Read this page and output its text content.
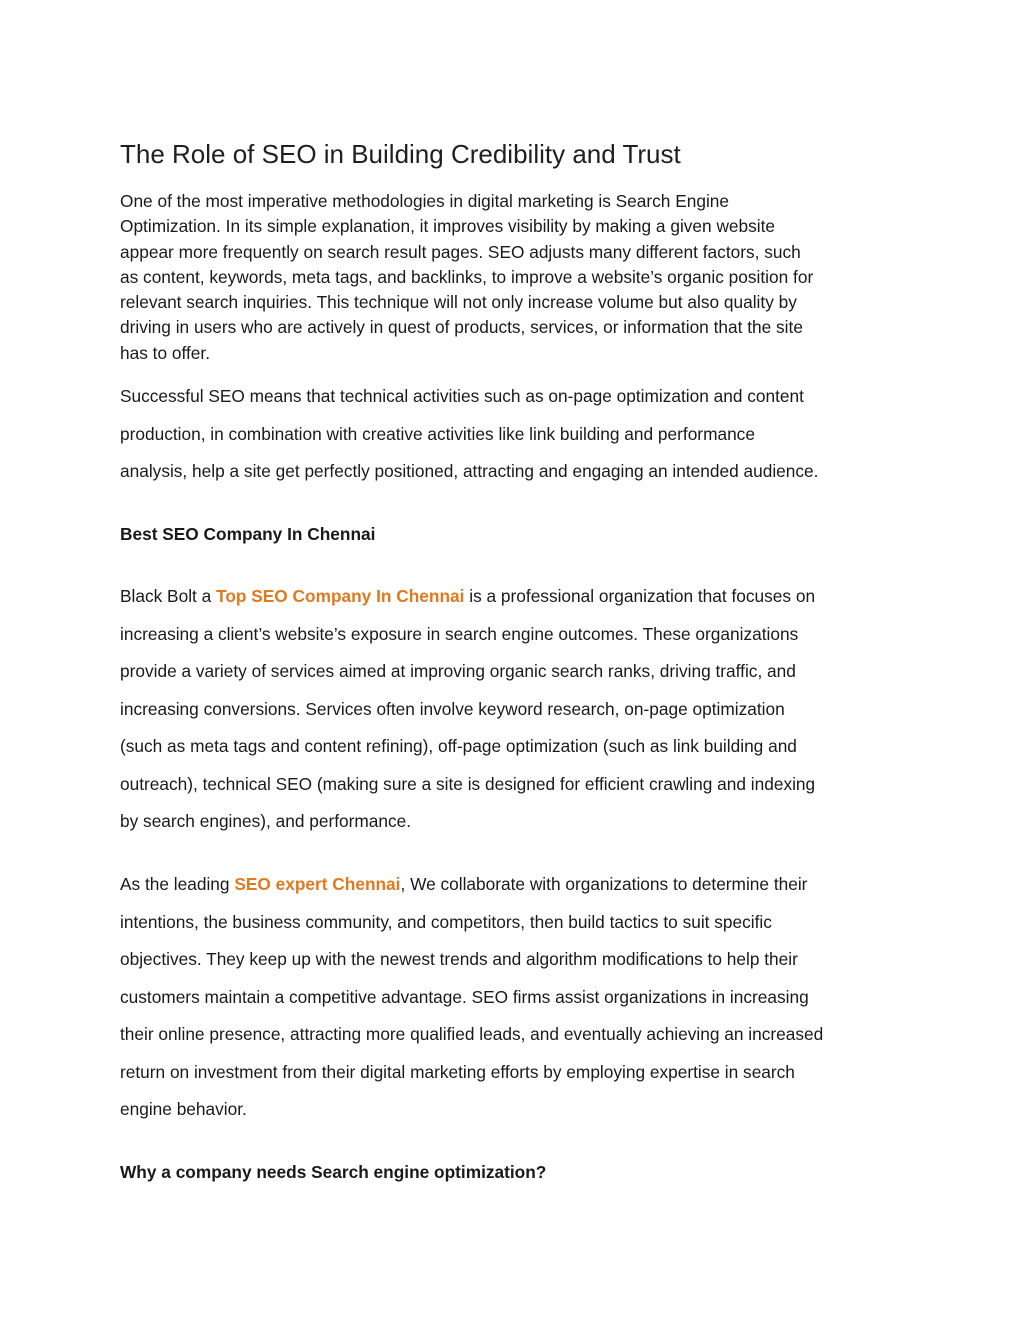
The Role of SEO in Building Credibility and Trust

One of the most imperative methodologies in digital marketing is Search Engine
Optimization. In its simple explanation, it improves visibility by making a given website
appear more frequently on search result pages. SEO adjusts many different factors, such
as content, keywords, meta tags, and backlinks, to improve a website’s organic position for
relevant search inquiries. This technique will not only increase volume but also quality by
driving in users who are actively in quest of products, services, or information that the site
has to offer.

Successful SEO means that technical activities such as on-page optimization and content
production, in combination with creative activities like link building and performance
analysis, help a site get perfectly positioned, attracting and engaging an intended audience.

Best SEO Company In Chennai

Black Bolt a Top SEO Company In Chennai is a professional organization that focuses on
increasing a client’s website’s exposure in search engine outcomes. These organizations
provide a variety of services aimed at improving organic search ranks, driving traffic, and
increasing conversions. Services often involve keyword research, on-page optimization
(such as meta tags and content refining), off-page optimization (such as link building and
outreach), technical SEO (making sure a site is designed for efficient crawling and indexing
by search engines), and performance.

As the leading SEO expert Chennai, We collaborate with organizations to determine their
intentions, the business community, and competitors, then build tactics to suit specific
objectives. They keep up with the newest trends and algorithm modifications to help their
customers maintain a competitive advantage. SEO firms assist organizations in increasing
their online presence, attracting more qualified leads, and eventually achieving an increased
return on investment from their digital marketing efforts by employing expertise in search
engine behavior.

Why a company needs Search engine optimization?
